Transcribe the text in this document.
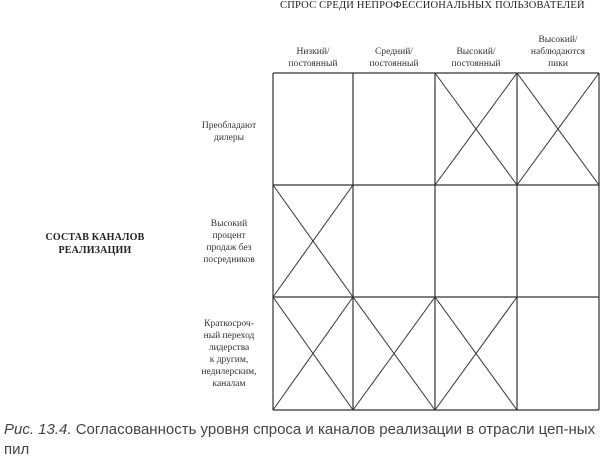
СПРОС СРЕДИ НЕПРОФЕССИОНАЛЬНЫХ ПОЛЬЗОВАТЕЛЕЙ
Низкий/
постоянный
Средний/
постоянный
Высокий/
постоянный
Высокий/
наблюдаются
пики
СОСТАВ КАНАЛОВ РЕАЛИЗАЦИИ
Преобладают
дилеры
Высокий
процент
продаж без
посредников
Краткосроч-
ный переход
лидерства
к другим,
недилерским,
каналам
Рис. 13.4. Согласованность уровня спроса и каналов реализации в отрасли цеп-ных пил
